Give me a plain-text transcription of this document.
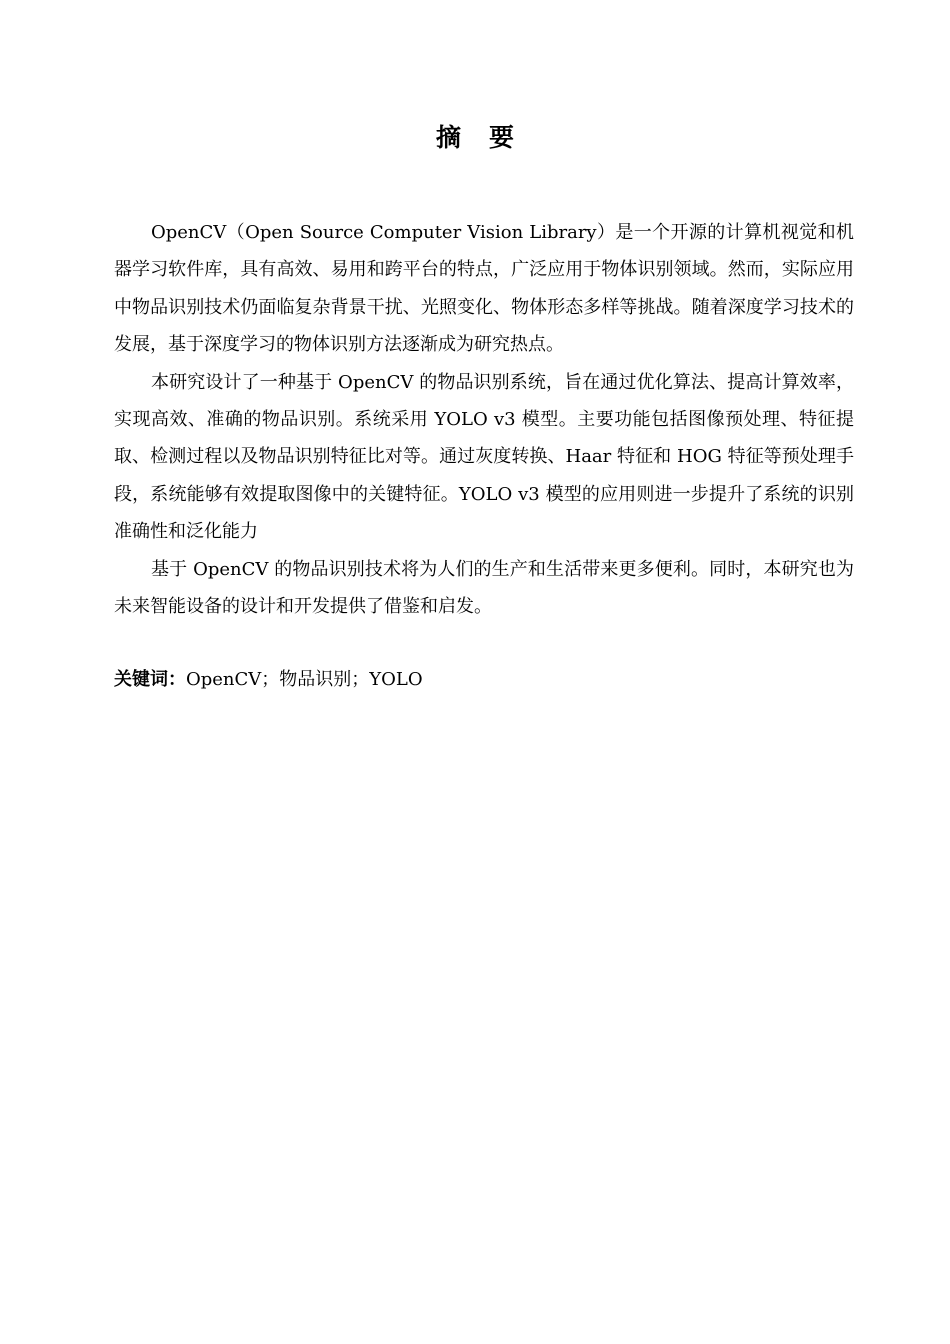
摘 要

OpenCV（Open Source Computer Vision Library）是一个开源的计算机视觉和机器学习软件库，具有高效、易用和跨平台的特点，广泛应用于物体识别领域。然而，实际应用中物品识别技术仍面临复杂背景干扰、光照变化、物体形态多样等挑战。随着深度学习技术的发展，基于深度学习的物体识别方法逐渐成为研究热点。

本研究设计了一种基于 OpenCV 的物品识别系统，旨在通过优化算法、提高计算效率，实现高效、准确的物品识别。系统采用 YOLO v3 模型。主要功能包括图像预处理、特征提取、检测过程以及物品识别特征比对等。通过灰度转换、Haar 特征和 HOG 特征等预处理手段，系统能够有效提取图像中的关键特征。YOLO v3 模型的应用则进一步提升了系统的识别准确性和泛化能力

基于 OpenCV 的物品识别技术将为人们的生产和生活带来更多便利。同时，本研究也为未来智能设备的设计和开发提供了借鉴和启发。

关键词：OpenCV；物品识别；YOLO
